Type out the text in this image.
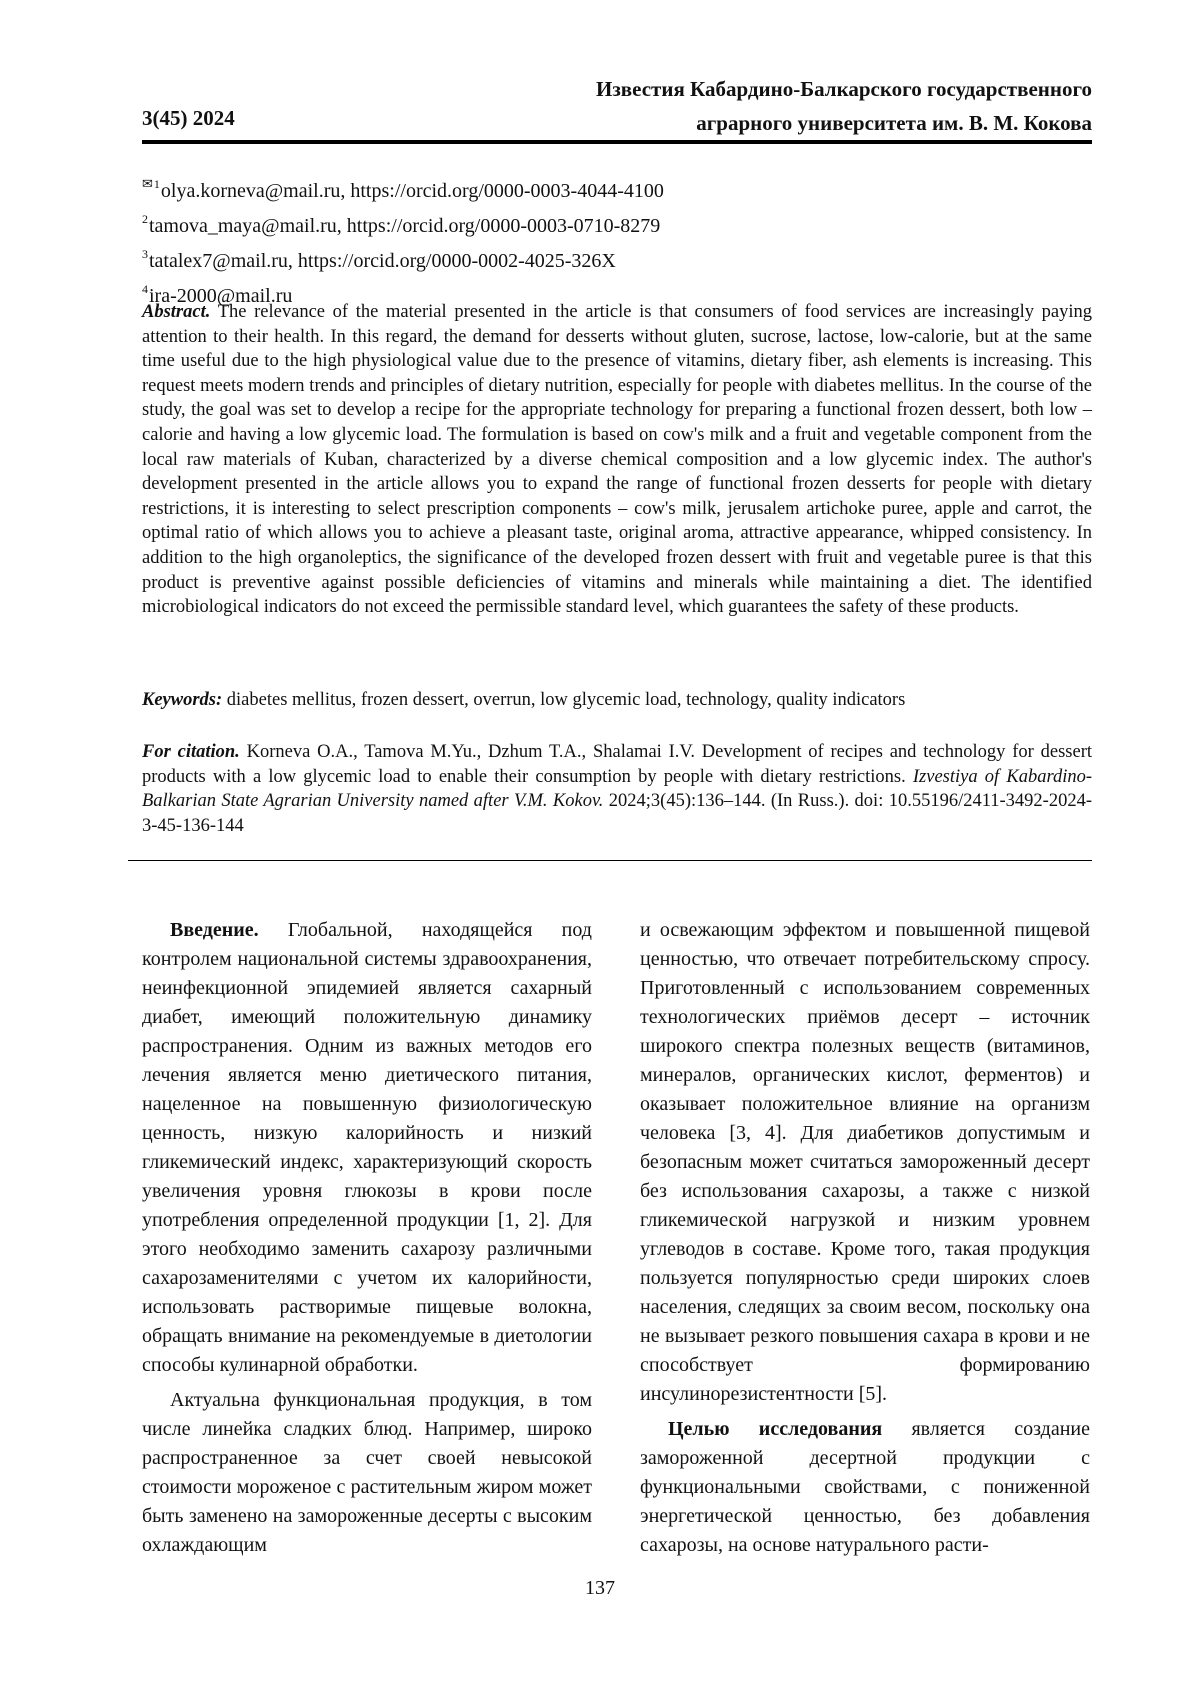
3(45) 2024
Известия Кабардино-Балкарского государственного
аграрного университета им. В. М. Кокова
✉1olya.korneva@mail.ru, https://orcid.org/0000-0003-4044-4100
2tamova_maya@mail.ru, https://orcid.org/0000-0003-0710-8279
3tatalex7@mail.ru, https://orcid.org/0000-0002-4025-326X
4ira-2000@mail.ru
Abstract. The relevance of the material presented in the article is that consumers of food services are increasingly paying attention to their health. In this regard, the demand for desserts without gluten, sucrose, lactose, low-calorie, but at the same time useful due to the high physiological value due to the presence of vitamins, dietary fiber, ash elements is increasing. This request meets modern trends and principles of dietary nutrition, especially for people with diabetes mellitus. In the course of the study, the goal was set to develop a recipe for the appropriate technology for preparing a functional frozen dessert, both low – calorie and having a low glycemic load. The formulation is based on cow's milk and a fruit and vegetable component from the local raw materials of Kuban, characterized by a diverse chemical composition and a low glycemic index. The author's development presented in the article allows you to expand the range of functional frozen desserts for people with dietary restrictions, it is interesting to select prescription components – cow's milk, jerusalem artichoke puree, apple and carrot, the optimal ratio of which allows you to achieve a pleasant taste, original aroma, attractive appearance, whipped consistency. In addition to the high organoleptics, the significance of the developed frozen dessert with fruit and vegetable puree is that this product is preventive against possible deficiencies of vitamins and minerals while maintaining a diet. The identified microbiological indicators do not exceed the permissible standard level, which guarantees the safety of these products.
Keywords: diabetes mellitus, frozen dessert, overrun, low glycemic load, technology, quality indicators
For citation. Korneva O.A., Tamova M.Yu., Dzhum T.A., Shalamai I.V. Development of recipes and technology for dessert products with a low glycemic load to enable their consumption by people with dietary restrictions. Izvestiya of Kabardino-Balkarian State Agrarian University named after V.M. Kokov. 2024;3(45):136–144. (In Russ.). doi: 10.55196/2411-3492-2024-3-45-136-144

Введение. Глобальной, находящейся под контролем национальной системы здравоохранения, неинфекционной эпидемией является сахарный диабет, имеющий положительную динамику распространения. Одним из важных методов его лечения является меню диетического питания, нацеленное на повышенную физиологическую ценность, низкую калорийность и низкий гликемический индекс, характеризующий скорость увеличения уровня глюкозы в крови после употребления определенной продукции [1, 2]. Для этого необходимо заменить сахарозу различными сахарозаменителями с учетом их калорийности, использовать растворимые пищевые волокна, обращать внимание на рекомендуемые в диетологии способы кулинарной обработки.

Актуальна функциональная продукция, в том числе линейка сладких блюд. Например, широко распространенное за счет своей невысокой стоимости мороженое с растительным жиром может быть заменено на замороженные десерты с высоким охлаждающим

и освежающим эффектом и повышенной пищевой ценностью, что отвечает потребительскому спросу. Приготовленный с использованием современных технологических приёмов десерт – источник широкого спектра полезных веществ (витаминов, минералов, органических кислот, ферментов) и оказывает положительное влияние на организм человека [3, 4]. Для диабетиков допустимым и безопасным может считаться замороженный десерт без использования сахарозы, а также с низкой гликемической нагрузкой и низким уровнем углеводов в составе. Кроме того, такая продукция пользуется популярностью среди широких слоев населения, следящих за своим весом, поскольку она не вызывает резкого повышения сахара в крови и не способствует формированию инсулинорезистентности [5].

Целью исследования является создание замороженной десертной продукции с функциональными свойствами, с пониженной энергетической ценностью, без добавления сахарозы, на основе натурального расти-

137
